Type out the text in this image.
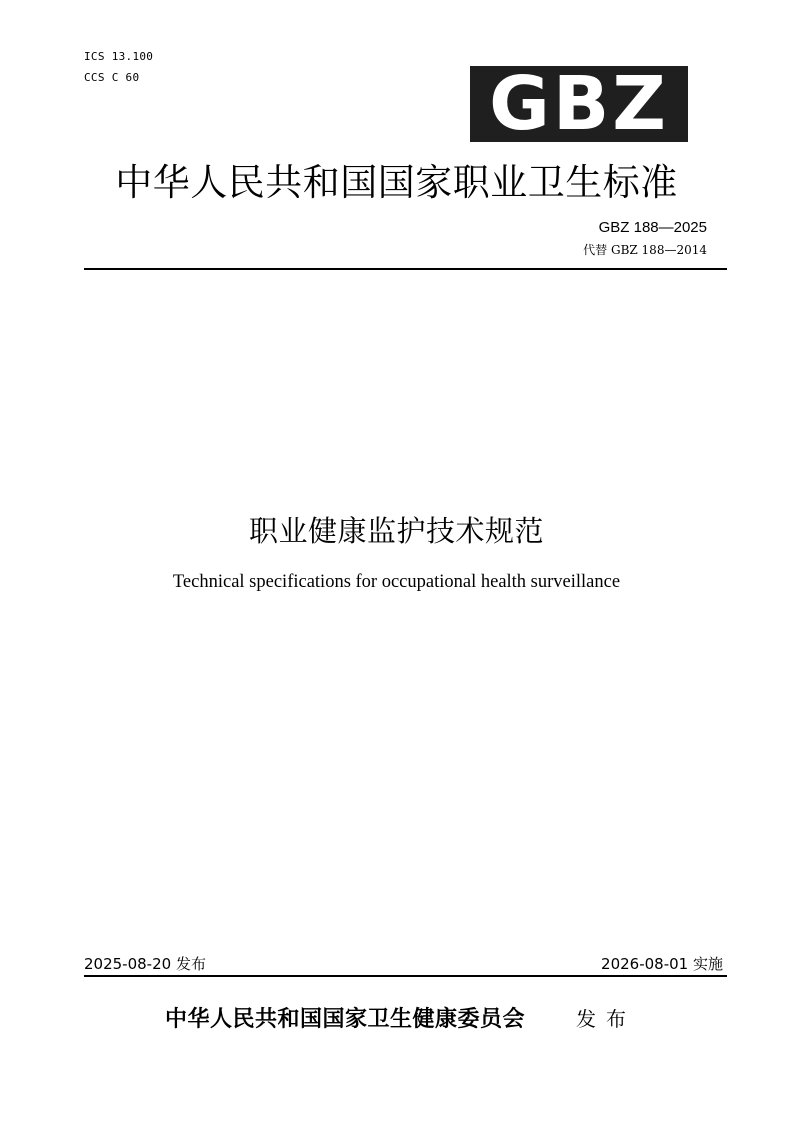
ICS 13.100
CCS C 60	GBZ
中华人民共和国国家职业卫生标准
GBZ 188—2025
代替 GBZ 188—2014
职业健康监护技术规范
Technical specifications for occupational health surveillance
2025-08-20 发布	2026-08-01 实施
中华人民共和国国家卫生健康委员会	发布
